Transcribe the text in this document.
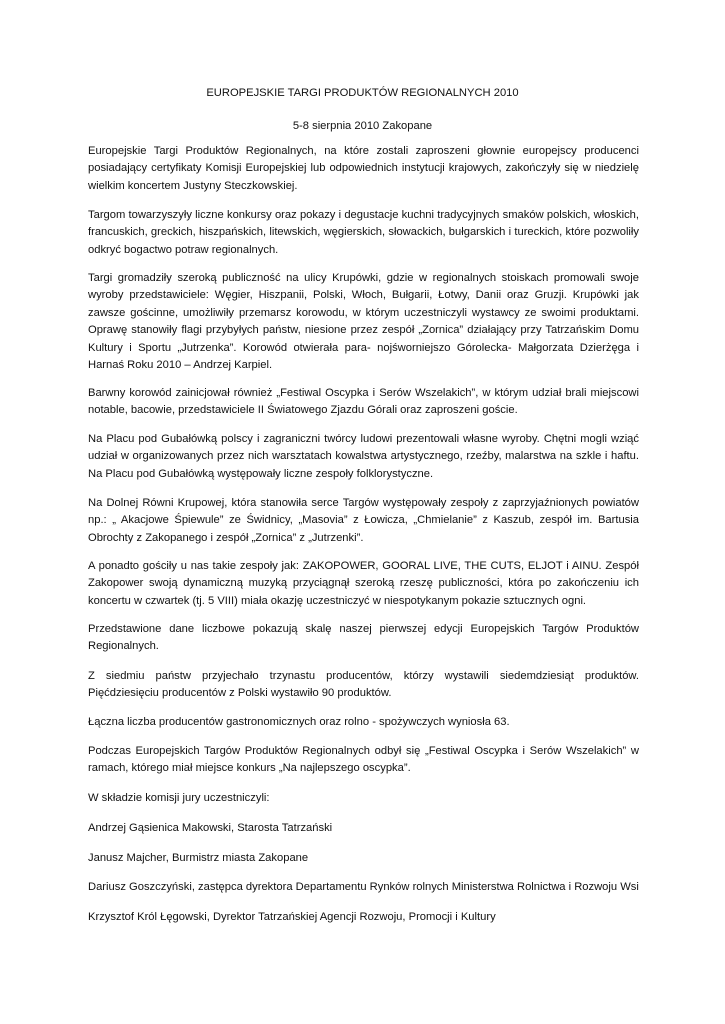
EUROPEJSKIE TARGI PRODUKTÓW REGIONALNYCH 2010
5-8 sierpnia 2010 Zakopane

Europejskie Targi Produktów Regionalnych, na które zostali zaproszeni głownie europejscy producenci posiadający certyfikaty Komisji Europejskiej lub odpowiednich instytucji krajowych, zakończyły się w niedzielę wielkim koncertem Justyny Steczkowskiej.

Targom towarzyszyły liczne konkursy oraz pokazy i degustacje kuchni tradycyjnych smaków polskich, włoskich, francuskich, greckich, hiszpańskich, litewskich, węgierskich, słowackich, bułgarskich i tureckich, które pozwoliły odkryć bogactwo potraw regionalnych.

Targi gromadziły szeroką publiczność na ulicy Krupówki, gdzie w regionalnych stoiskach promowali swoje wyroby przedstawiciele: Węgier, Hiszpanii, Polski, Włoch, Bułgarii, Łotwy, Danii oraz Gruzji. Krupówki jak zawsze gościnne, umożliwiły przemarsz korowodu, w którym uczestniczyli wystawcy ze swoimi produktami. Oprawę stanowiły flagi przybyłych państw, niesione przez zespół „Zornica” działający przy Tatrzańskim Domu Kultury i Sportu „Jutrzenka”. Korowód otwierała para- nojśworniejszo Górolecka- Małgorzata Dzierżęga i Harnaś Roku 2010 – Andrzej Karpiel.

Barwny korowód zainicjował również „Festiwal Oscypka i Serów Wszelakich”, w którym udział brali miejscowi notable, bacowie, przedstawiciele II Światowego Zjazdu Górali oraz zaproszeni goście.

Na Placu pod Gubałówką polscy i zagraniczni twórcy ludowi prezentowali własne wyroby. Chętni mogli wziąć udział w organizowanych przez nich warsztatach kowalstwa artystycznego, rzeźby, malarstwa na szkle i haftu. Na Placu pod Gubałówką występowały liczne zespoły folklorystyczne.

Na Dolnej Równi Krupowej, która stanowiła serce Targów występowały zespoły z zaprzyjaźnionych powiatów np.: „ Akacjowe Śpiewule” ze Świdnicy, „Masovia” z Łowicza, „Chmielanie” z Kaszub, zespół im. Bartusia Obrochty z Zakopanego i zespół „Zornica” z „Jutrzenki”.

A ponadto gościły u nas takie zespoły jak: ZAKOPOWER, GOORAL LIVE, THE CUTS, ELJOT i AINU. Zespół Zakopower swoją dynamiczną muzyką przyciągnął szeroką rzeszę publiczności, która po zakończeniu ich koncertu w czwartek (tj. 5 VIII) miała okazję uczestniczyć w niespotykanym pokazie sztucznych ogni.

Przedstawione dane liczbowe pokazują skalę naszej pierwszej edycji Europejskich Targów Produktów Regionalnych.

Z siedmiu państw przyjechało trzynastu producentów, którzy wystawili siedemdziesiąt produktów. Pięćdziesięciu producentów z Polski wystawiło 90 produktów.

Łączna liczba producentów gastronomicznych oraz rolno - spożywczych wyniosła 63.

Podczas Europejskich Targów Produktów Regionalnych odbył się „Festiwal Oscypka i Serów Wszelakich” w ramach, którego miał miejsce konkurs „Na najlepszego oscypka”.

W składzie komisji jury uczestniczyli:

Andrzej Gąsienica Makowski, Starosta Tatrzański

Janusz Majcher, Burmistrz miasta Zakopane

Dariusz Goszczyński, zastępca dyrektora Departamentu Rynków rolnych Ministerstwa Rolnictwa i Rozwoju Wsi

Krzysztof Król Łęgowski, Dyrektor Tatrzańskiej Agencji Rozwoju, Promocji i Kultury
